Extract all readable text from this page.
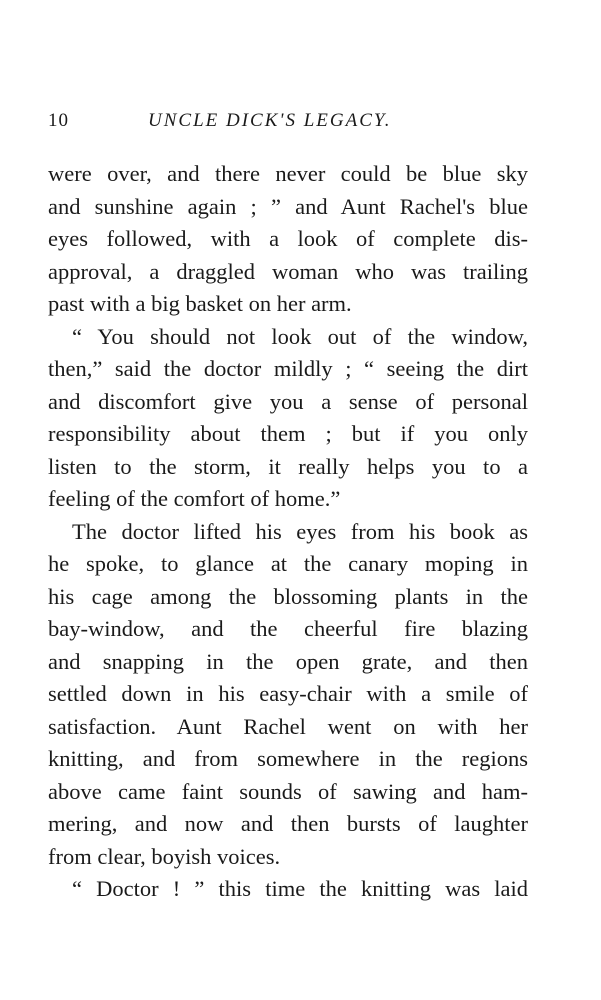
10	UNCLE DICK'S LEGACY.
were over, and there never could be blue sky
and sunshine again ; ” and Aunt Rachel's blue
eyes followed, with a look of complete dis-
approval, a draggled woman who was trailing
past with a big basket on her arm.
“ You should not look out of the window,
then,” said the doctor mildly ; “ seeing the dirt
and discomfort give you a sense of personal
responsibility about them ; but if you only
listen to the storm, it really helps you to a
feeling of the comfort of home.”
The doctor lifted his eyes from his book as
he spoke, to glance at the canary moping in
his cage among the blossoming plants in the
bay-window, and the cheerful fire blazing
and snapping in the open grate, and then
settled down in his easy-chair with a smile of
satisfaction. Aunt Rachel went on with her
knitting, and from somewhere in the regions
above came faint sounds of sawing and ham-
mering, and now and then bursts of laughter
from clear, boyish voices.
“ Doctor ! ” this time the knitting was laid
